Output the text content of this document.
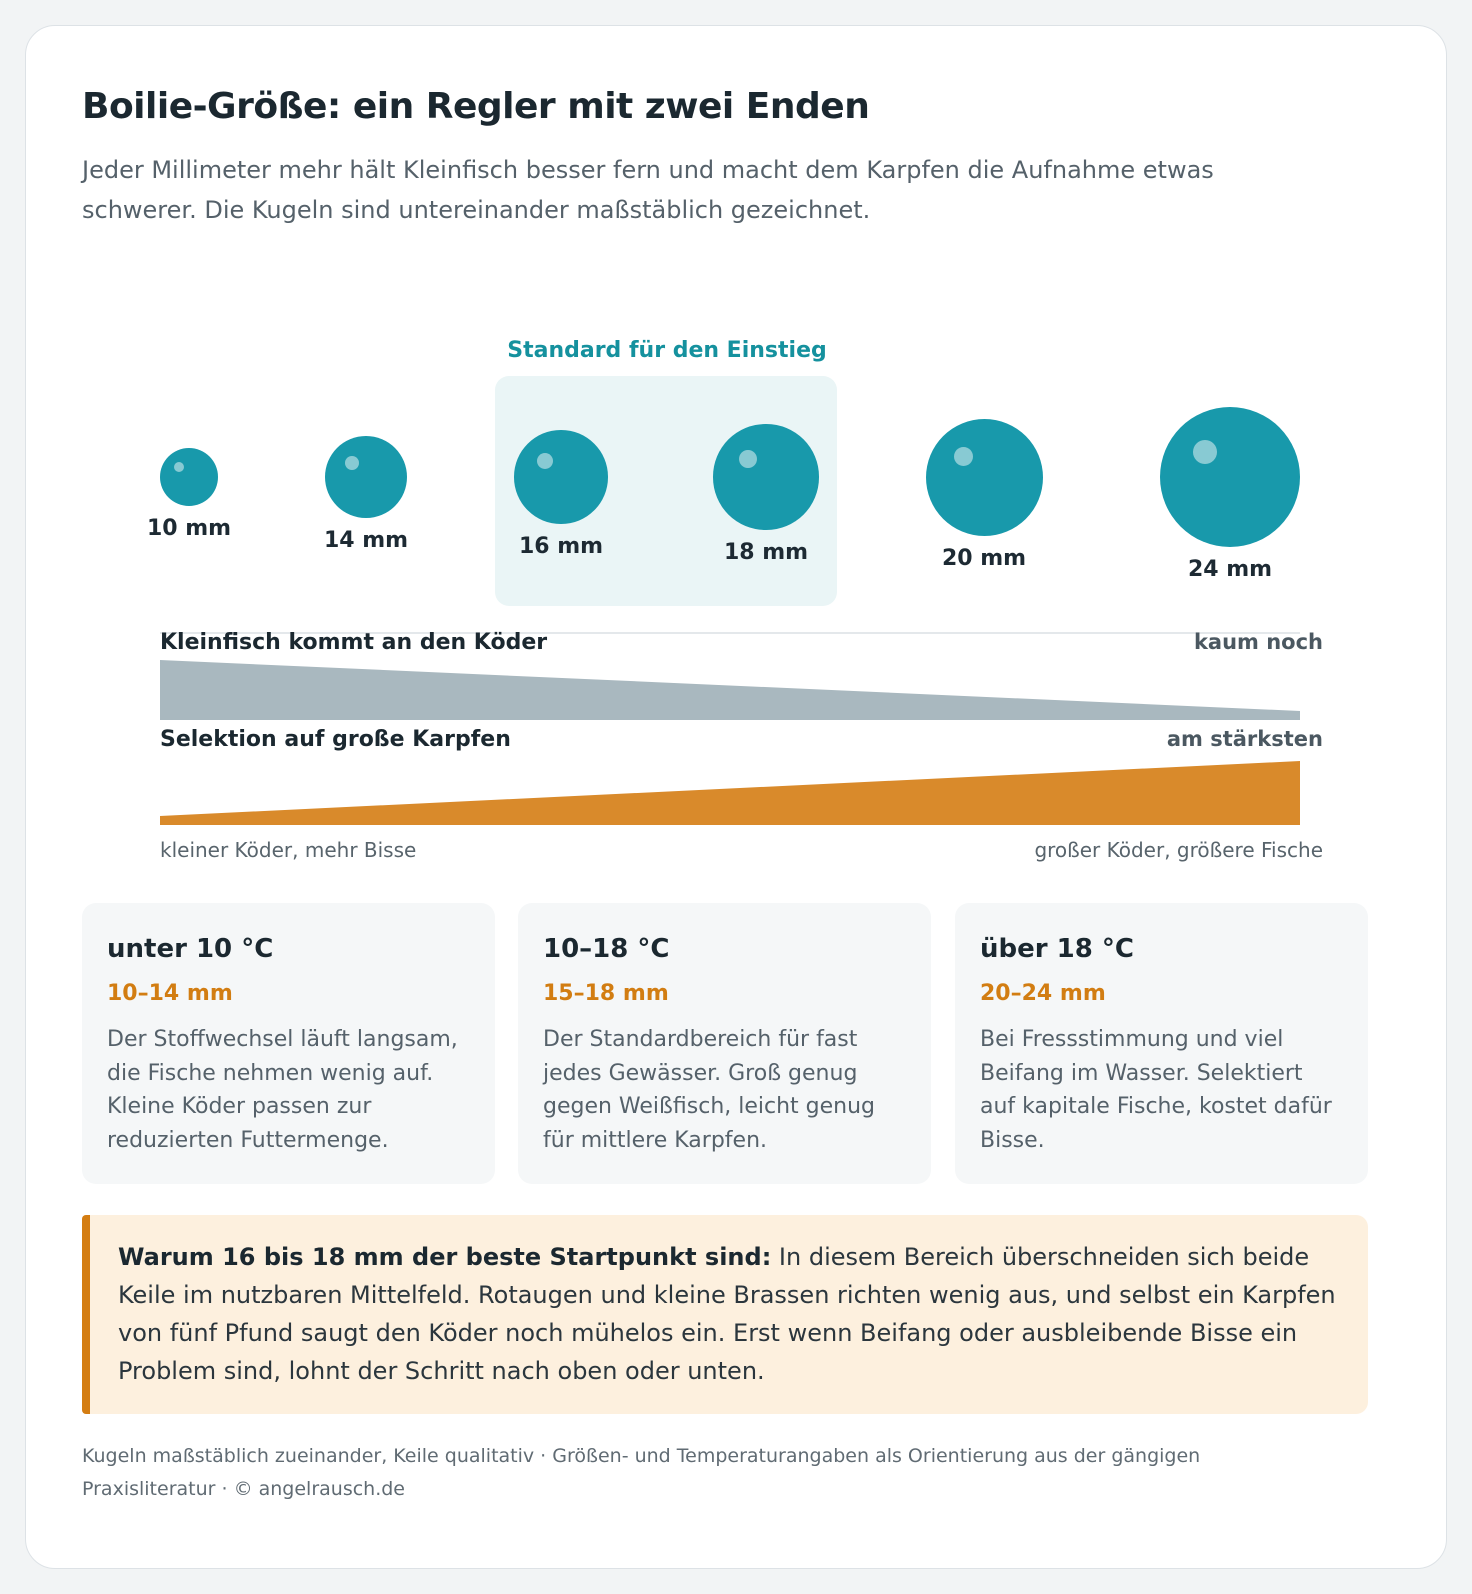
Boilie-Größe: ein Regler mit zwei Enden

Jeder Millimeter mehr hält Kleinfisch besser fern und macht dem Karpfen die Aufnahme etwas schwerer. Die Kugeln sind untereinander maßstäblich gezeichnet.

Standard für den Einstieg
10 mm	14 mm	16 mm	18 mm	20 mm	24 mm
Kleinfisch kommt an den Köder	kaum noch
Selektion auf große Karpfen	am stärksten
kleiner Köder, mehr Bisse	großer Köder, größere Fische
unter 10 °C
10–14 mm
Der Stoffwechsel läuft langsam, die Fische nehmen wenig auf. Kleine Köder passen zur reduzierten Futtermenge.
10–18 °C
15–18 mm
Der Standardbereich für fast jedes Gewässer. Groß genug gegen Weißfisch, leicht genug für mittlere Karpfen.
über 18 °C
20–24 mm
Bei Fressstimmung und viel Beifang im Wasser. Selektiert auf kapitale Fische, kostet dafür Bisse.
Warum 16 bis 18 mm der beste Startpunkt sind: In diesem Bereich überschneiden sich beide Keile im nutzbaren Mittelfeld. Rotaugen und kleine Brassen richten wenig aus, und selbst ein Karpfen von fünf Pfund saugt den Köder noch mühelos ein. Erst wenn Beifang oder ausbleibende Bisse ein Problem sind, lohnt der Schritt nach oben oder unten.

Kugeln maßstäblich zueinander, Keile qualitativ · Größen- und Temperaturangaben als Orientierung aus der gängigen Praxisliteratur · © angelrausch.de
